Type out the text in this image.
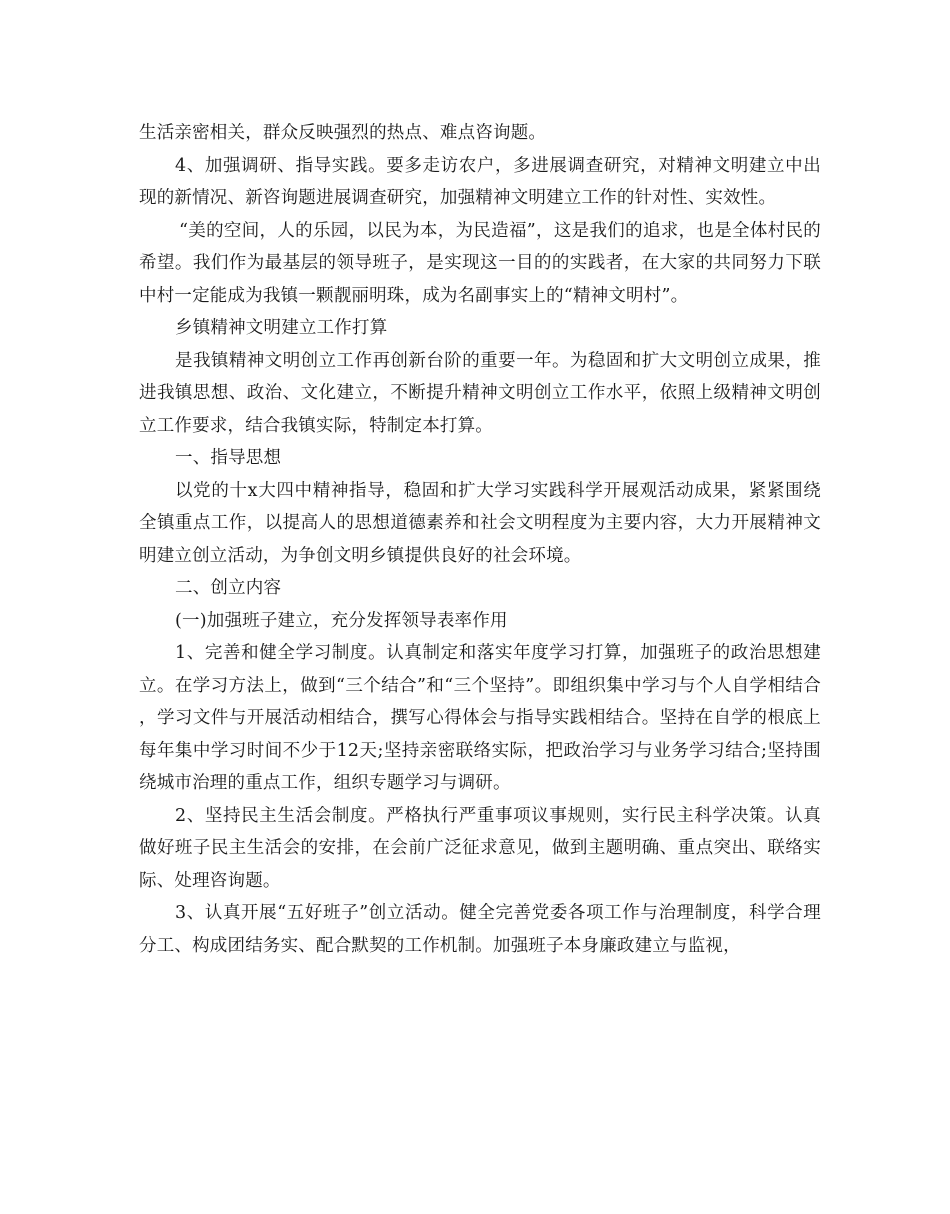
生活亲密相关，群众反映强烈的热点、难点咨询题。

4、加强调研、指导实践。要多走访农户，多进展调查研究，对精神文明建立中出现的新情况、新咨询题进展调查研究，加强精神文明建立工作的针对性、实效性。

“美的空间，人的乐园，以民为本，为民造福”，这是我们的追求，也是全体村民的希望。我们作为最基层的领导班子，是实现这一目的的实践者，在大家的共同努力下联中村一定能成为我镇一颗靓丽明珠，成为名副事实上的“精神文明村”。

乡镇精神文明建立工作打算

是我镇精神文明创立工作再创新台阶的重要一年。为稳固和扩大文明创立成果，推进我镇思想、政治、文化建立，不断提升精神文明创立工作水平，依照上级精神文明创立工作要求，结合我镇实际，特制定本打算。

一、指导思想

以党的十x大四中精神指导，稳固和扩大学习实践科学开展观活动成果，紧紧围绕全镇重点工作，以提高人的思想道德素养和社会文明程度为主要内容，大力开展精神文明建立创立活动，为争创文明乡镇提供良好的社会环境。

二、创立内容

(一)加强班子建立，充分发挥领导表率作用

1、完善和健全学习制度。认真制定和落实年度学习打算，加强班子的政治思想建立。在学习方法上，做到“三个结合”和“三个坚持”。即组织集中学习与个人自学相结合，学习文件与开展活动相结合，撰写心得体会与指导实践相结合。坚持在自学的根底上每年集中学习时间不少于12天;坚持亲密联络实际，把政治学习与业务学习结合;坚持围绕城市治理的重点工作，组织专题学习与调研。

2、坚持民主生活会制度。严格执行严重事项议事规则，实行民主科学决策。认真做好班子民主生活会的安排，在会前广泛征求意见，做到主题明确、重点突出、联络实际、处理咨询题。

3、认真开展“五好班子”创立活动。健全完善党委各项工作与治理制度，科学合理分工、构成团结务实、配合默契的工作机制。加强班子本身廉政建立与监视，
